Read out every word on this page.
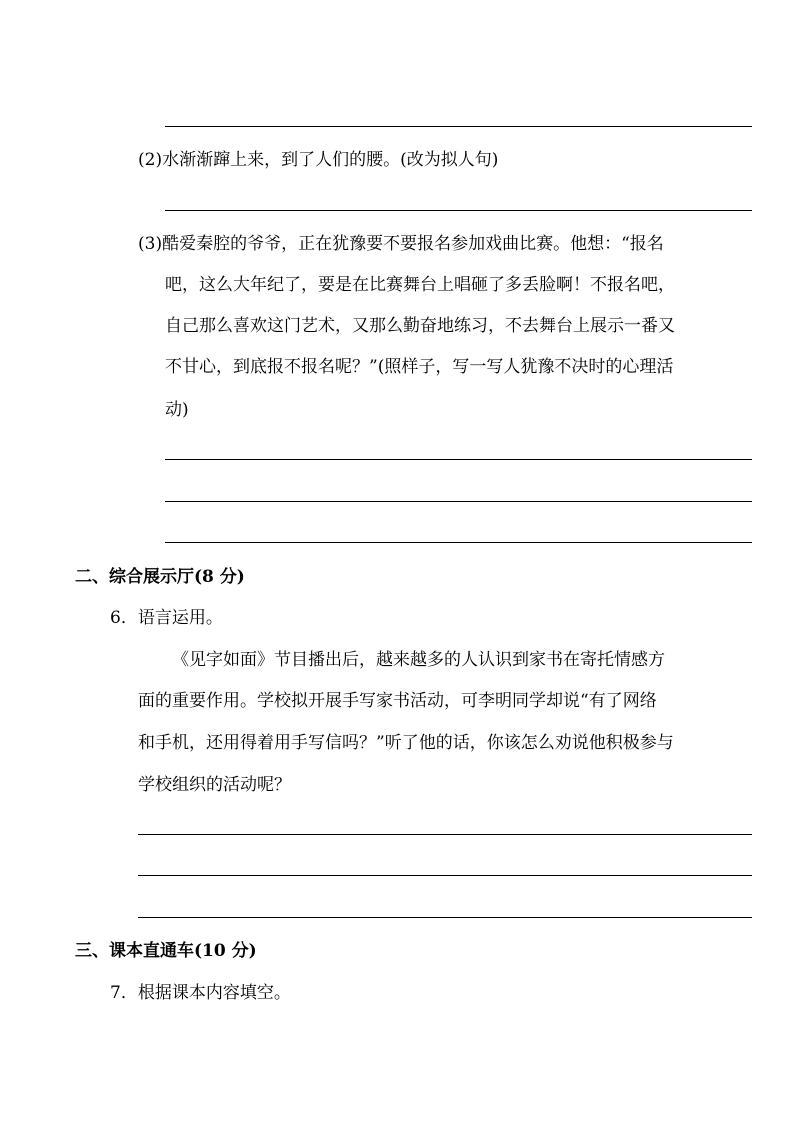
(2)水渐渐蹿上来，到了人们的腰。(改为拟人句)
(3)酷爱秦腔的爷爷，正在犹豫要不要报名参加戏曲比赛。他想：“报名
吧，这么大年纪了，要是在比赛舞台上唱砸了多丢脸啊！不报名吧，
自己那么喜欢这门艺术，又那么勤奋地练习，不去舞台上展示一番又
不甘心，到底报不报名呢？”(照样子，写一写人犹豫不决时的心理活
动)
二、综合展示厅(8 分)
6．语言运用。
《见字如面》节目播出后，越来越多的人认识到家书在寄托情感方
面的重要作用。学校拟开展手写家书活动，可李明同学却说“有了网络
和手机，还用得着用手写信吗？”听了他的话，你该怎么劝说他积极参与
学校组织的活动呢？
三、课本直通车(10 分)
7．根据课本内容填空。
